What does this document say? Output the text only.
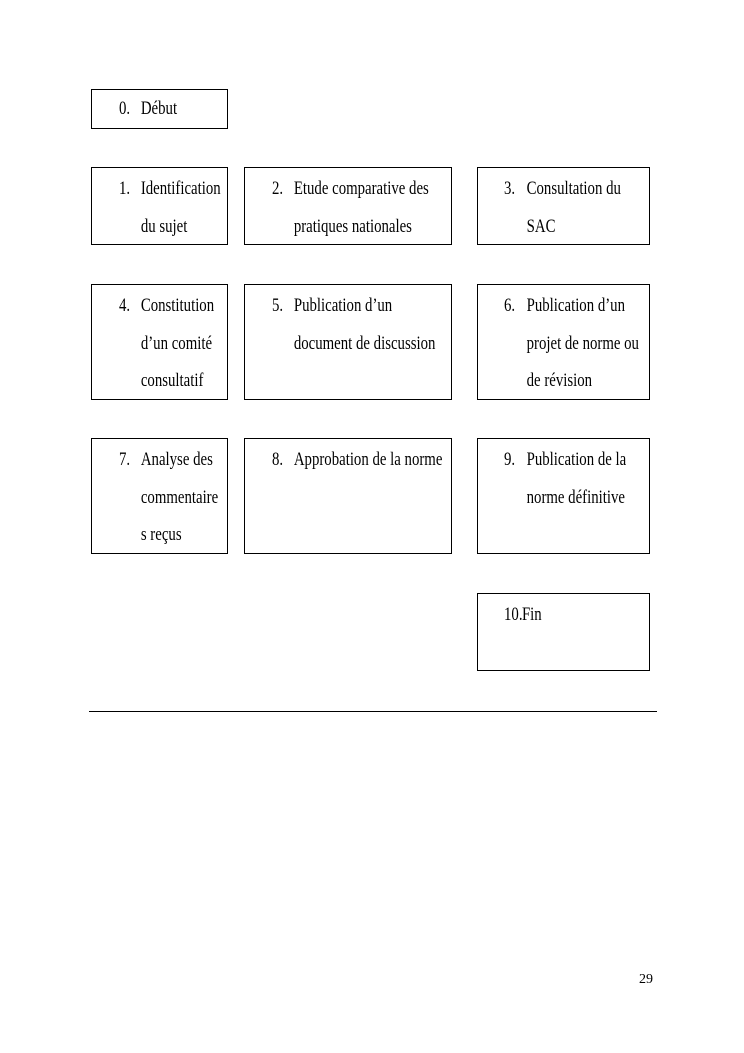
0. Début
1. Identification
du sujet
2. Etude comparative des
pratiques nationales
3. Consultation du
SAC
4. Constitution
d’un comité
consultatif
5. Publication d’un
document de discussion
6. Publication d’un
projet de norme ou
de révision
7. Analyse des
commentaire
s reçus
8. Approbation de la norme	9. Publication de la
norme définitive
10. Fin
29
